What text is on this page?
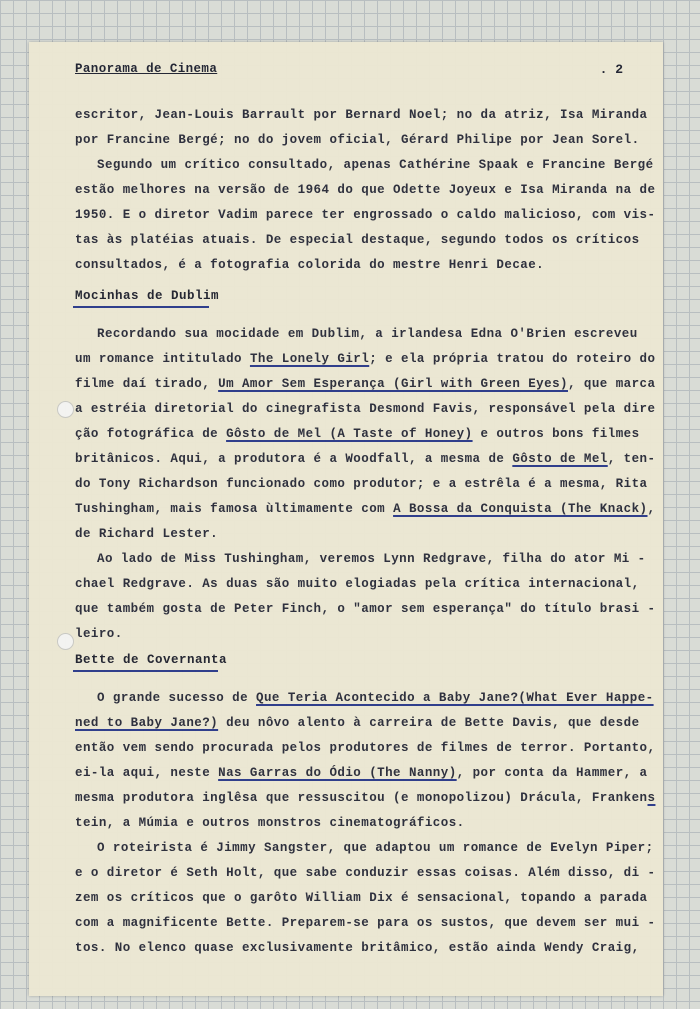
Panorama de Cinema	. 2
escritor, Jean-Louis Barrault por Bernard Noel; no da atriz, Isa Miranda
por Francine Bergé; no do jovem oficial, Gérard Philipe por Jean Sorel.
Segundo um crítico consultado, apenas Cathérine Spaak e Francine Bergé
estão melhores na versão de 1964 do que Odette Joyeux e Isa Miranda na de
1950. E o diretor Vadim parece ter engrossado o caldo malicioso, com vis-
tas às platéias atuais. De especial destaque, segundo todos os críticos
consultados, é a fotografia colorida do mestre Henri Decae.
Mocinhas de Dublim
Recordando sua mocidade em Dublim, a irlandesa Edna O'Brien escreveu
um romance intitulado The Lonely Girl; e ela própria tratou do roteiro do
filme daí tirado, Um Amor Sem Esperança (Girl with Green Eyes), que marca
a estréia diretorial do cinegrafista Desmond Favis, responsável pela dire
ção fotográfica de Gôsto de Mel (A Taste of Honey) e outros bons filmes
britânicos. Aqui, a produtora é a Woodfall, a mesma de Gôsto de Mel, ten-
do Tony Richardson funcionado como produtor; e a estrêla é a mesma, Rita
Tushingham, mais famosa ùltimamente com A Bossa da Conquista (The Knack),
de Richard Lester.
Ao lado de Miss Tushingham, veremos Lynn Redgrave, filha do ator Mi -
chael Redgrave. As duas são muito elogiadas pela crítica internacional,
que também gosta de Peter Finch, o "amor sem esperança" do título brasi -
leiro.
Bette de Covernanta
O grande sucesso de Que Teria Acontecido a Baby Jane?(What Ever Happe-
ned to Baby Jane?) deu nôvo alento à carreira de Bette Davis, que desde
então vem sendo procurada pelos produtores de filmes de terror. Portanto,
ei-la aqui, neste Nas Garras do Ódio (The Nanny), por conta da Hammer, a
mesma produtora inglêsa que ressuscitou (e monopolizou) Drácula, Frankens
tein, a Múmia e outros monstros cinematográficos.
O roteirista é Jimmy Sangster, que adaptou um romance de Evelyn Piper;
e o diretor é Seth Holt, que sabe conduzir essas coisas. Além disso, di -
zem os críticos que o garôto William Dix é sensacional, topando a parada
com a magnificente Bette. Preparem-se para os sustos, que devem ser mui -
tos. No elenco quase exclusivamente britâmico, estão ainda Wendy Craig,
